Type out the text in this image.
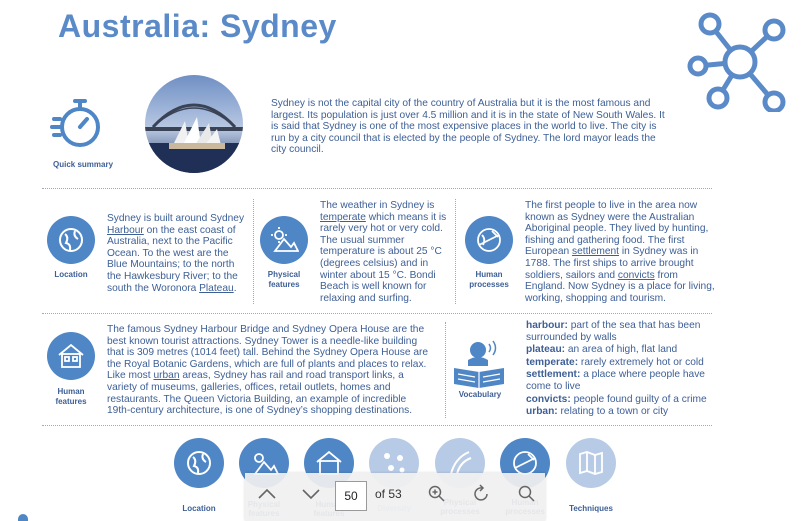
Australia: Sydney
Quick summary
Sydney is not the capital city of the country of Australia but it is the most famous and largest. Its population is just over 4.5 million and it is in the state of New South Wales. It is said that Sydney is one of the most expensive places in the world to live. The city is run by a city council that is elected by the people of Sydney. The lord mayor leads the city council.
Location
Sydney is built around Sydney Harbour on the east coast of Australia, next to the Pacific Ocean. To the west are the Blue Mountains; to the north the Hawkesbury River; to the south the Woronora Plateau.
Physical
features
The weather in Sydney is temperate which means it is rarely very hot or very cold. The usual summer temperature is about 25 °C (degrees celsius) and in winter about 15 °C. Bondi Beach is well known for relaxing and surfing.
Human
processes
The first people to live in the area now known as Sydney were the Australian Aboriginal people. They lived by hunting, fishing and gathering food. The first European settlement in Sydney was in 1788. The first ships to arrive brought soldiers, sailors and convicts from England. Now Sydney is a place for living, working, shopping and tourism.
Human
features
The famous Sydney Harbour Bridge and Sydney Opera House are the best known tourist attractions. Sydney Tower is a needle-like building that is 309 metres (1014 feet) tall. Behind the Sydney Opera House are the Royal Botanic Gardens, which are full of plants and places to relax. Like most urban areas, Sydney has rail and road transport links, a variety of museums, galleries, offices, retail outlets, homes and restaurants. The Queen Victoria Building, an example of incredible 19th-century architecture, is one of Sydney’s shopping destinations.
Vocabulary
harbour: part of the sea that has been surrounded by walls
plateau: an area of high, flat land
temperate: rarely extremely hot or cold
settlement: a place where people have come to live
convicts: people found guilty of a crime
urban: relating to a town or city
Location	Techniques
50	of 53
